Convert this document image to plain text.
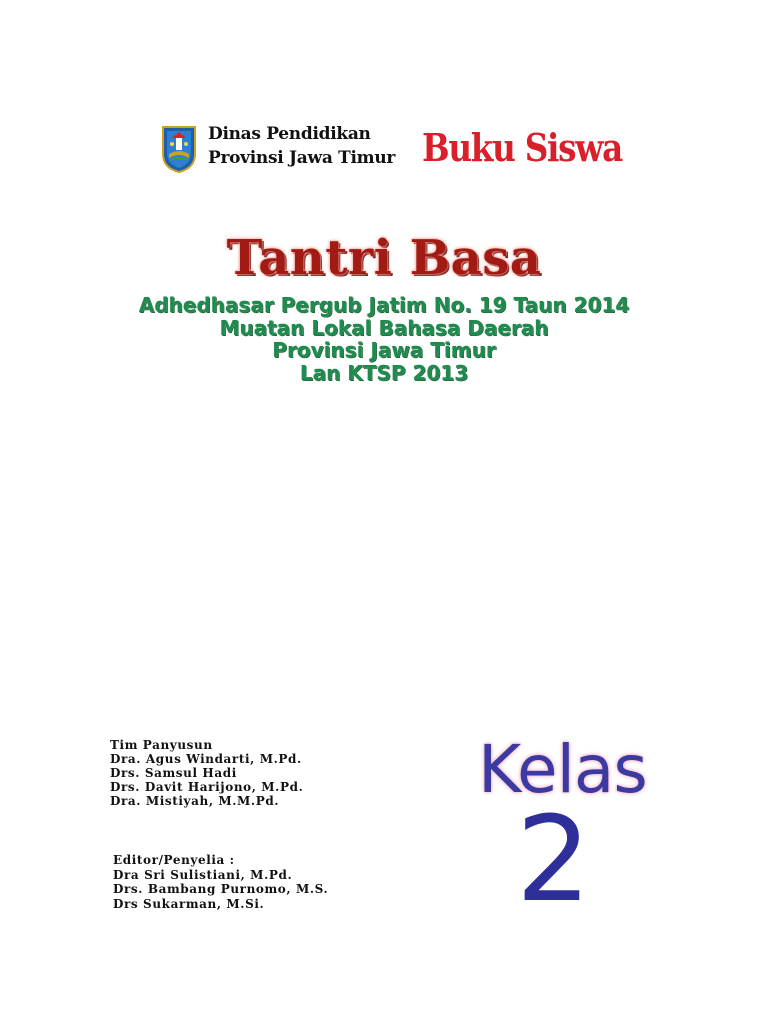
Dinas Pendidikan
Provinsi Jawa Timur Buku Siswa
Tantri Basa
Adhedhasar Pergub Jatim No. 19 Taun 2014
Muatan Lokal Bahasa Daerah
Provinsi Jawa Timur
Lan KTSP 2013
Tim Panyusun
Dra. Agus Windarti, M.Pd.
Drs. Samsul Hadi
Drs. Davit Harijono, M.Pd.
Dra. Mistiyah, M.M.Pd.
Editor/Penyelia :
Dra Sri Sulistiani, M.Pd.
Drs. Bambang Purnomo, M.S.
Drs Sukarman, M.Si.
Kelas
2
